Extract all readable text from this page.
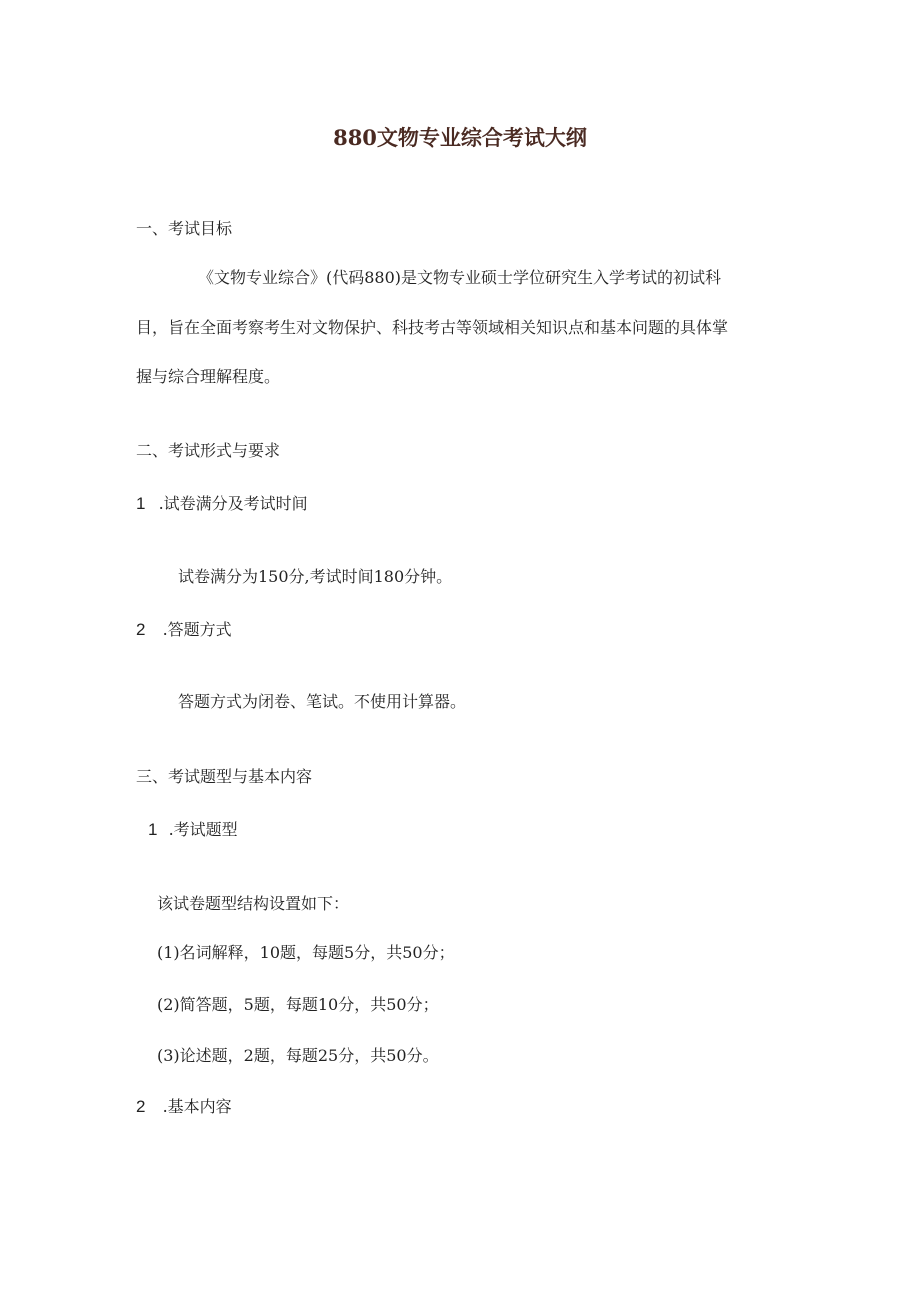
880文物专业综合考试大纲
一、考试目标
《文物专业综合》(代码880)是文物专业硕士学位研究生入学考试的初试科
目，旨在全面考察考生对文物保护、科技考古等领域相关知识点和基本问题的具体掌
握与综合理解程度。
二、考试形式与要求
1 .试卷满分及考试时间
试卷满分为150分,考试时间180分钟。
2 .答题方式
答题方式为闭卷、笔试。不使用计算器。
三、考试题型与基本内容
1 .考试题型
该试卷题型结构设置如下：
(1)名词解释，10题，每题5分，共50分；
(2)简答题，5题，每题10分，共50分；
(3)论述题，2题，每题25分，共50分。
2 .基本内容
